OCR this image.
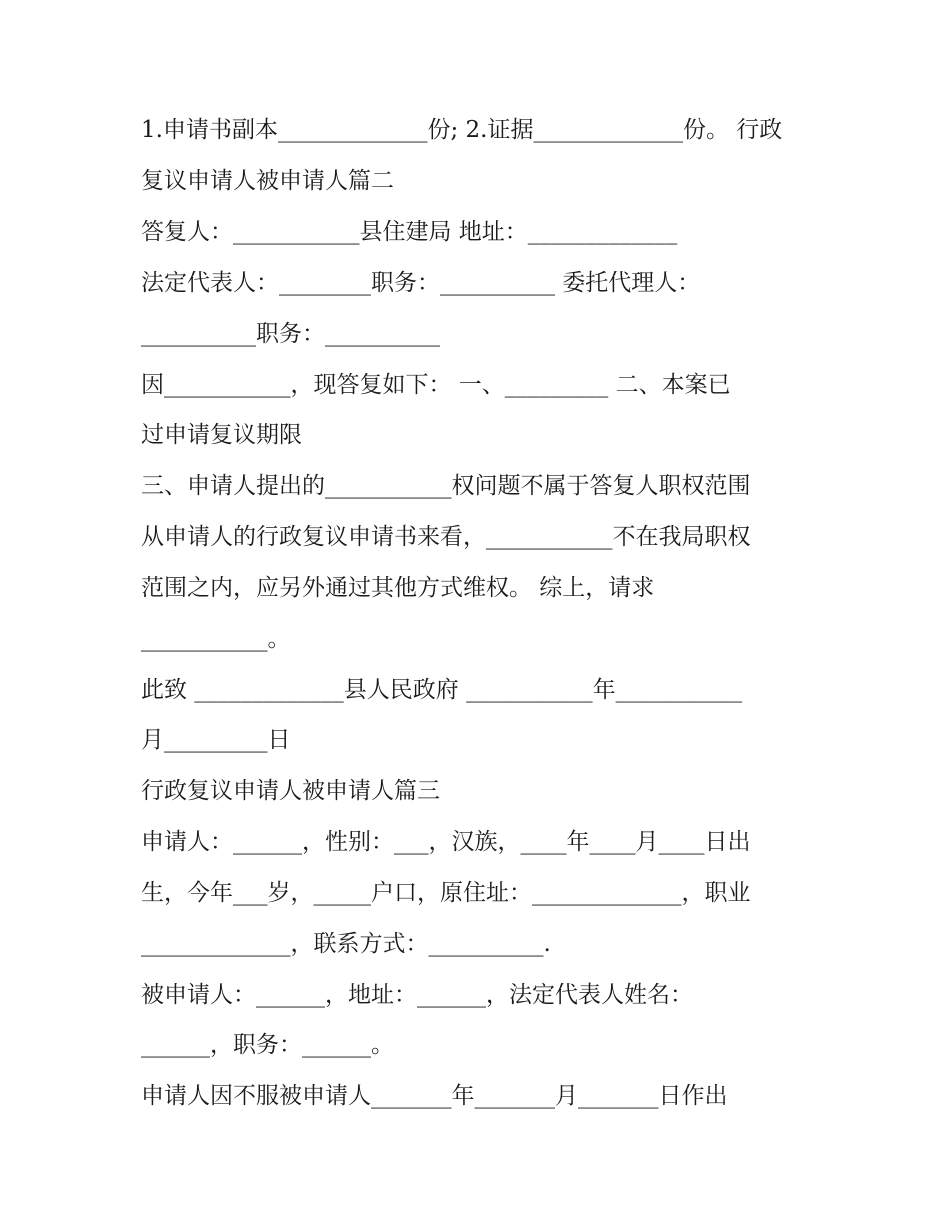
1.申请书副本_____________份; 2.证据_____________份。 行政
复议申请人被申请人篇二
答复人：___________县住建局 地址：_____________
法定代表人：________职务：__________ 委托代理人：
__________职务：__________
因___________，现答复如下： 一、_________ 二、本案已
过申请复议期限
三、申请人提出的___________权问题不属于答复人职权范围
从申请人的行政复议申请书来看，___________不在我局职权
范围之内，应另外通过其他方式维权。 综上，请求
___________。
此致 _____________县人民政府 ___________年___________
月_________日
行政复议申请人被申请人篇三
申请人：______，性别：___，汉族，____年____月____日出
生，今年___岁，_____户口，原住址：_____________，职业
_____________，联系方式：__________.
被申请人：______，地址：______，法定代表人姓名：
______，职务：______。
申请人因不服被申请人_______年_______月_______日作出
